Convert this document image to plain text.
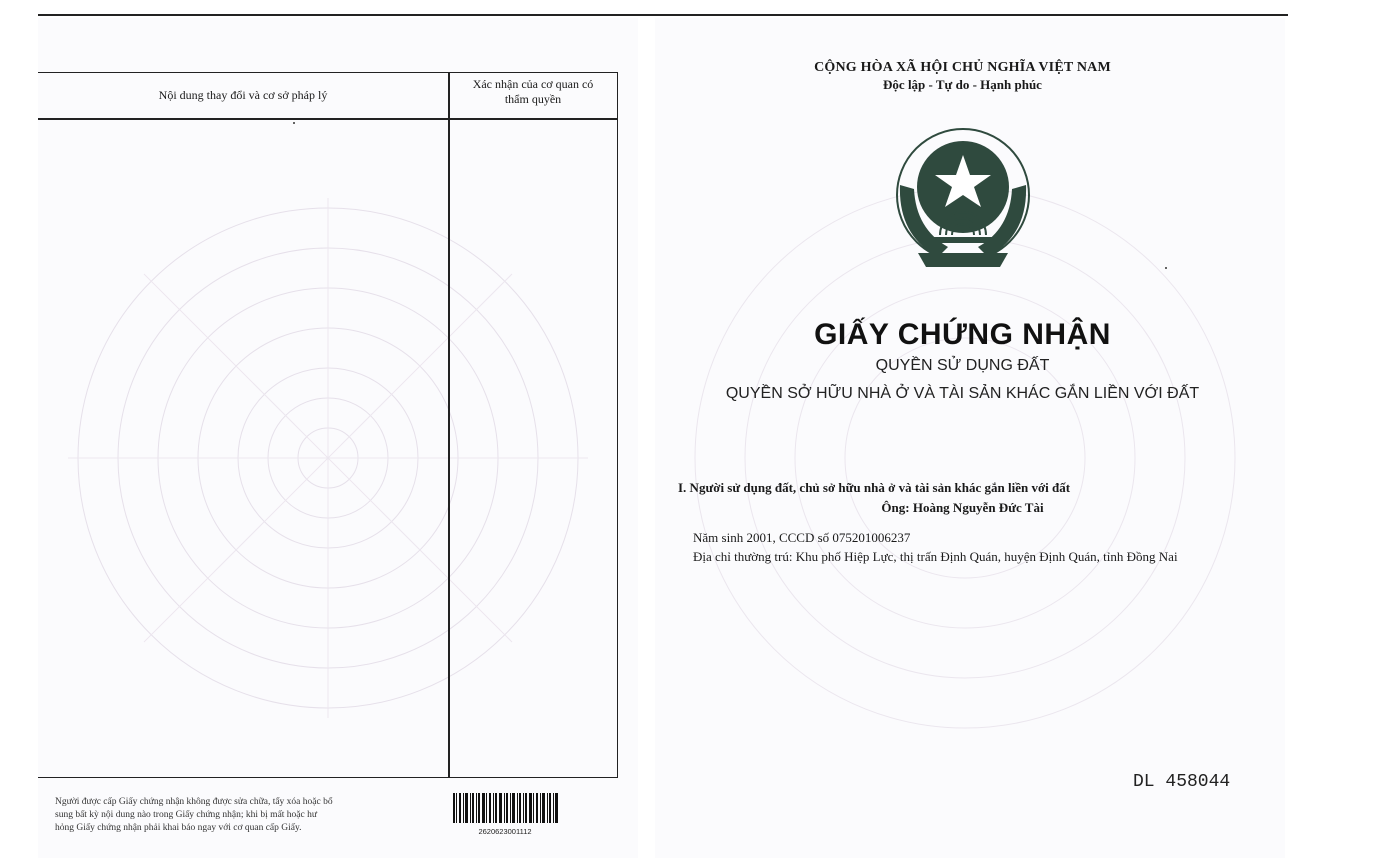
Nội dung thay đổi và cơ sở pháp lý
Xác nhận của cơ quan có
thẩm quyền
Người được cấp Giấy chứng nhận không được sửa chữa, tẩy xóa hoặc bổ
sung bất kỳ nội dung nào trong Giấy chứng nhận; khi bị mất hoặc hư
hỏng Giấy chứng nhận phải khai báo ngay với cơ quan cấp Giấy.	2620623001112
CỘNG HÒA XÃ HỘI CHỦ NGHĨA VIỆT NAM
Độc lập - Tự do - Hạnh phúc
GIẤY CHỨNG NHẬN
QUYỀN SỬ DỤNG ĐẤT
QUYỀN SỞ HỮU NHÀ Ở VÀ TÀI SẢN KHÁC GẮN LIỀN VỚI ĐẤT
I. Người sử dụng đất, chủ sở hữu nhà ở và tài sản khác gắn liền với đất
Ông: Hoàng Nguyễn Đức Tài
Năm sinh 2001, CCCD số 075201006237
Địa chỉ thường trú: Khu phố Hiệp Lực, thị trấn Định Quán, huyện Định Quán, tỉnh Đồng Nai
DL 458044
